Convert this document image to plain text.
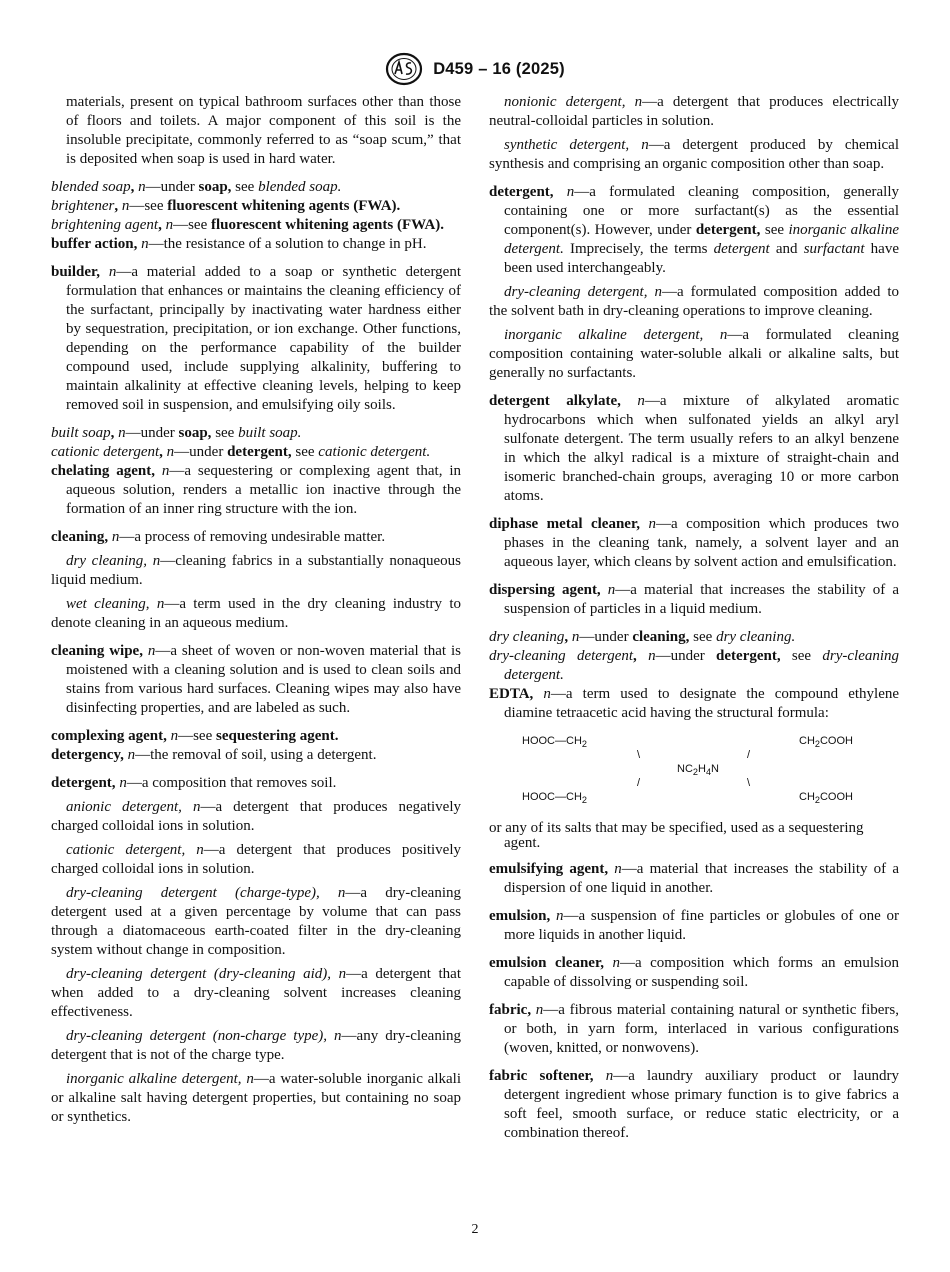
D459 – 16 (2025)

materials, present on typical bathroom surfaces other than those of floors and toilets. A major component of this soil is the insoluble precipitate, commonly referred to as “soap scum,” that is deposited when soap is used in hard water.

blended soap, n—under soap, see blended soap.

brightener, n—see fluorescent whitening agents (FWA).

brightening agent, n—see fluorescent whitening agents (FWA).

buffer action, n—the resistance of a solution to change in pH.

builder, n—a material added to a soap or synthetic detergent formulation that enhances or maintains the cleaning efficiency of the surfactant, principally by inactivating water hardness either by sequestration, precipitation, or ion exchange. Other functions, depending on the performance capability of the builder compound used, include supplying alkalinity, buffering to maintain alkalinity at effective cleaning levels, helping to keep removed soil in suspension, and emulsifying oily soils.

built soap, n—under soap, see built soap.

cationic detergent, n—under detergent, see cationic detergent.

chelating agent, n—a sequestering or complexing agent that, in aqueous solution, renders a metallic ion inactive through the formation of an inner ring structure with the ion.

cleaning, n—a process of removing undesirable matter.

dry cleaning, n—cleaning fabrics in a substantially nonaqueous liquid medium.

wet cleaning, n—a term used in the dry cleaning industry to denote cleaning in an aqueous medium.

cleaning wipe, n—a sheet of woven or non-woven material that is moistened with a cleaning solution and is used to clean soils and stains from various hard surfaces. Cleaning wipes may also have disinfecting properties, and are labeled as such.

complexing agent, n—see sequestering agent.

detergency, n—the removal of soil, using a detergent.

detergent, n—a composition that removes soil.

anionic detergent, n—a detergent that produces negatively charged colloidal ions in solution.

cationic detergent, n—a detergent that produces positively charged colloidal ions in solution.

dry-cleaning detergent (charge-type), n—a dry-cleaning detergent used at a given percentage by volume that can pass through a diatomaceous earth-coated filter in the dry-cleaning system without change in composition.

dry-cleaning detergent (dry-cleaning aid), n—a detergent that when added to a dry-cleaning solvent increases cleaning effectiveness.

dry-cleaning detergent (non-charge type), n—any dry-cleaning detergent that is not of the charge type.

inorganic alkaline detergent, n—a water-soluble inorganic alkali or alkaline salt having detergent properties, but containing no soap or synthetics.

nonionic detergent, n—a detergent that produces electrically neutral-colloidal particles in solution.

synthetic detergent, n—a detergent produced by chemical synthesis and comprising an organic composition other than soap.

detergent, n—a formulated cleaning composition, generally containing one or more surfactant(s) as the essential component(s). However, under detergent, see inorganic alkaline detergent. Imprecisely, the terms detergent and surfactant have been used interchangeably.

dry-cleaning detergent, n—a formulated composition added to the solvent bath in dry-cleaning operations to improve cleaning.

inorganic alkaline detergent, n—a formulated cleaning composition containing water-soluble alkali or alkaline salts, but generally no surfactants.

detergent alkylate, n—a mixture of alkylated aromatic hydrocarbons which when sulfonated yields an alkyl aryl sulfonate detergent. The term usually refers to an alkyl benzene in which the alkyl radical is a mixture of straight-chain and isomeric branched-chain groups, averaging 10 or more carbon atoms.

diphase metal cleaner, n—a composition which produces two phases in the cleaning tank, namely, a solvent layer and an aqueous layer, which cleans by solvent action and emulsification.

dispersing agent, n—a material that increases the stability of a suspension of particles in a liquid medium.

dry cleaning, n—under cleaning, see dry cleaning.

dry-cleaning detergent, n—under detergent, see dry-cleaning detergent.

EDTA, n—a term used to designate the compound ethylene diamine tetraacetic acid having the structural formula:

$HOOC—CH_2$	$CH_2COOH$
\	/
$NC_2H_4N$
/	\
$HOOC—CH_2$	$CH_2COOH$

or any of its salts that may be specified, used as a sequestering agent.

emulsifying agent, n—a material that increases the stability of a dispersion of one liquid in another.

emulsion, n—a suspension of fine particles or globules of one or more liquids in another liquid.

emulsion cleaner, n—a composition which forms an emulsion capable of dissolving or suspending soil.

fabric, n—a fibrous material containing natural or synthetic fibers, or both, in yarn form, interlaced in various configurations (woven, knitted, or nonwovens).

fabric softener, n—a laundry auxiliary product or laundry detergent ingredient whose primary function is to give fabrics a soft feel, smooth surface, or reduce static electricity, or a combination thereof.

2
